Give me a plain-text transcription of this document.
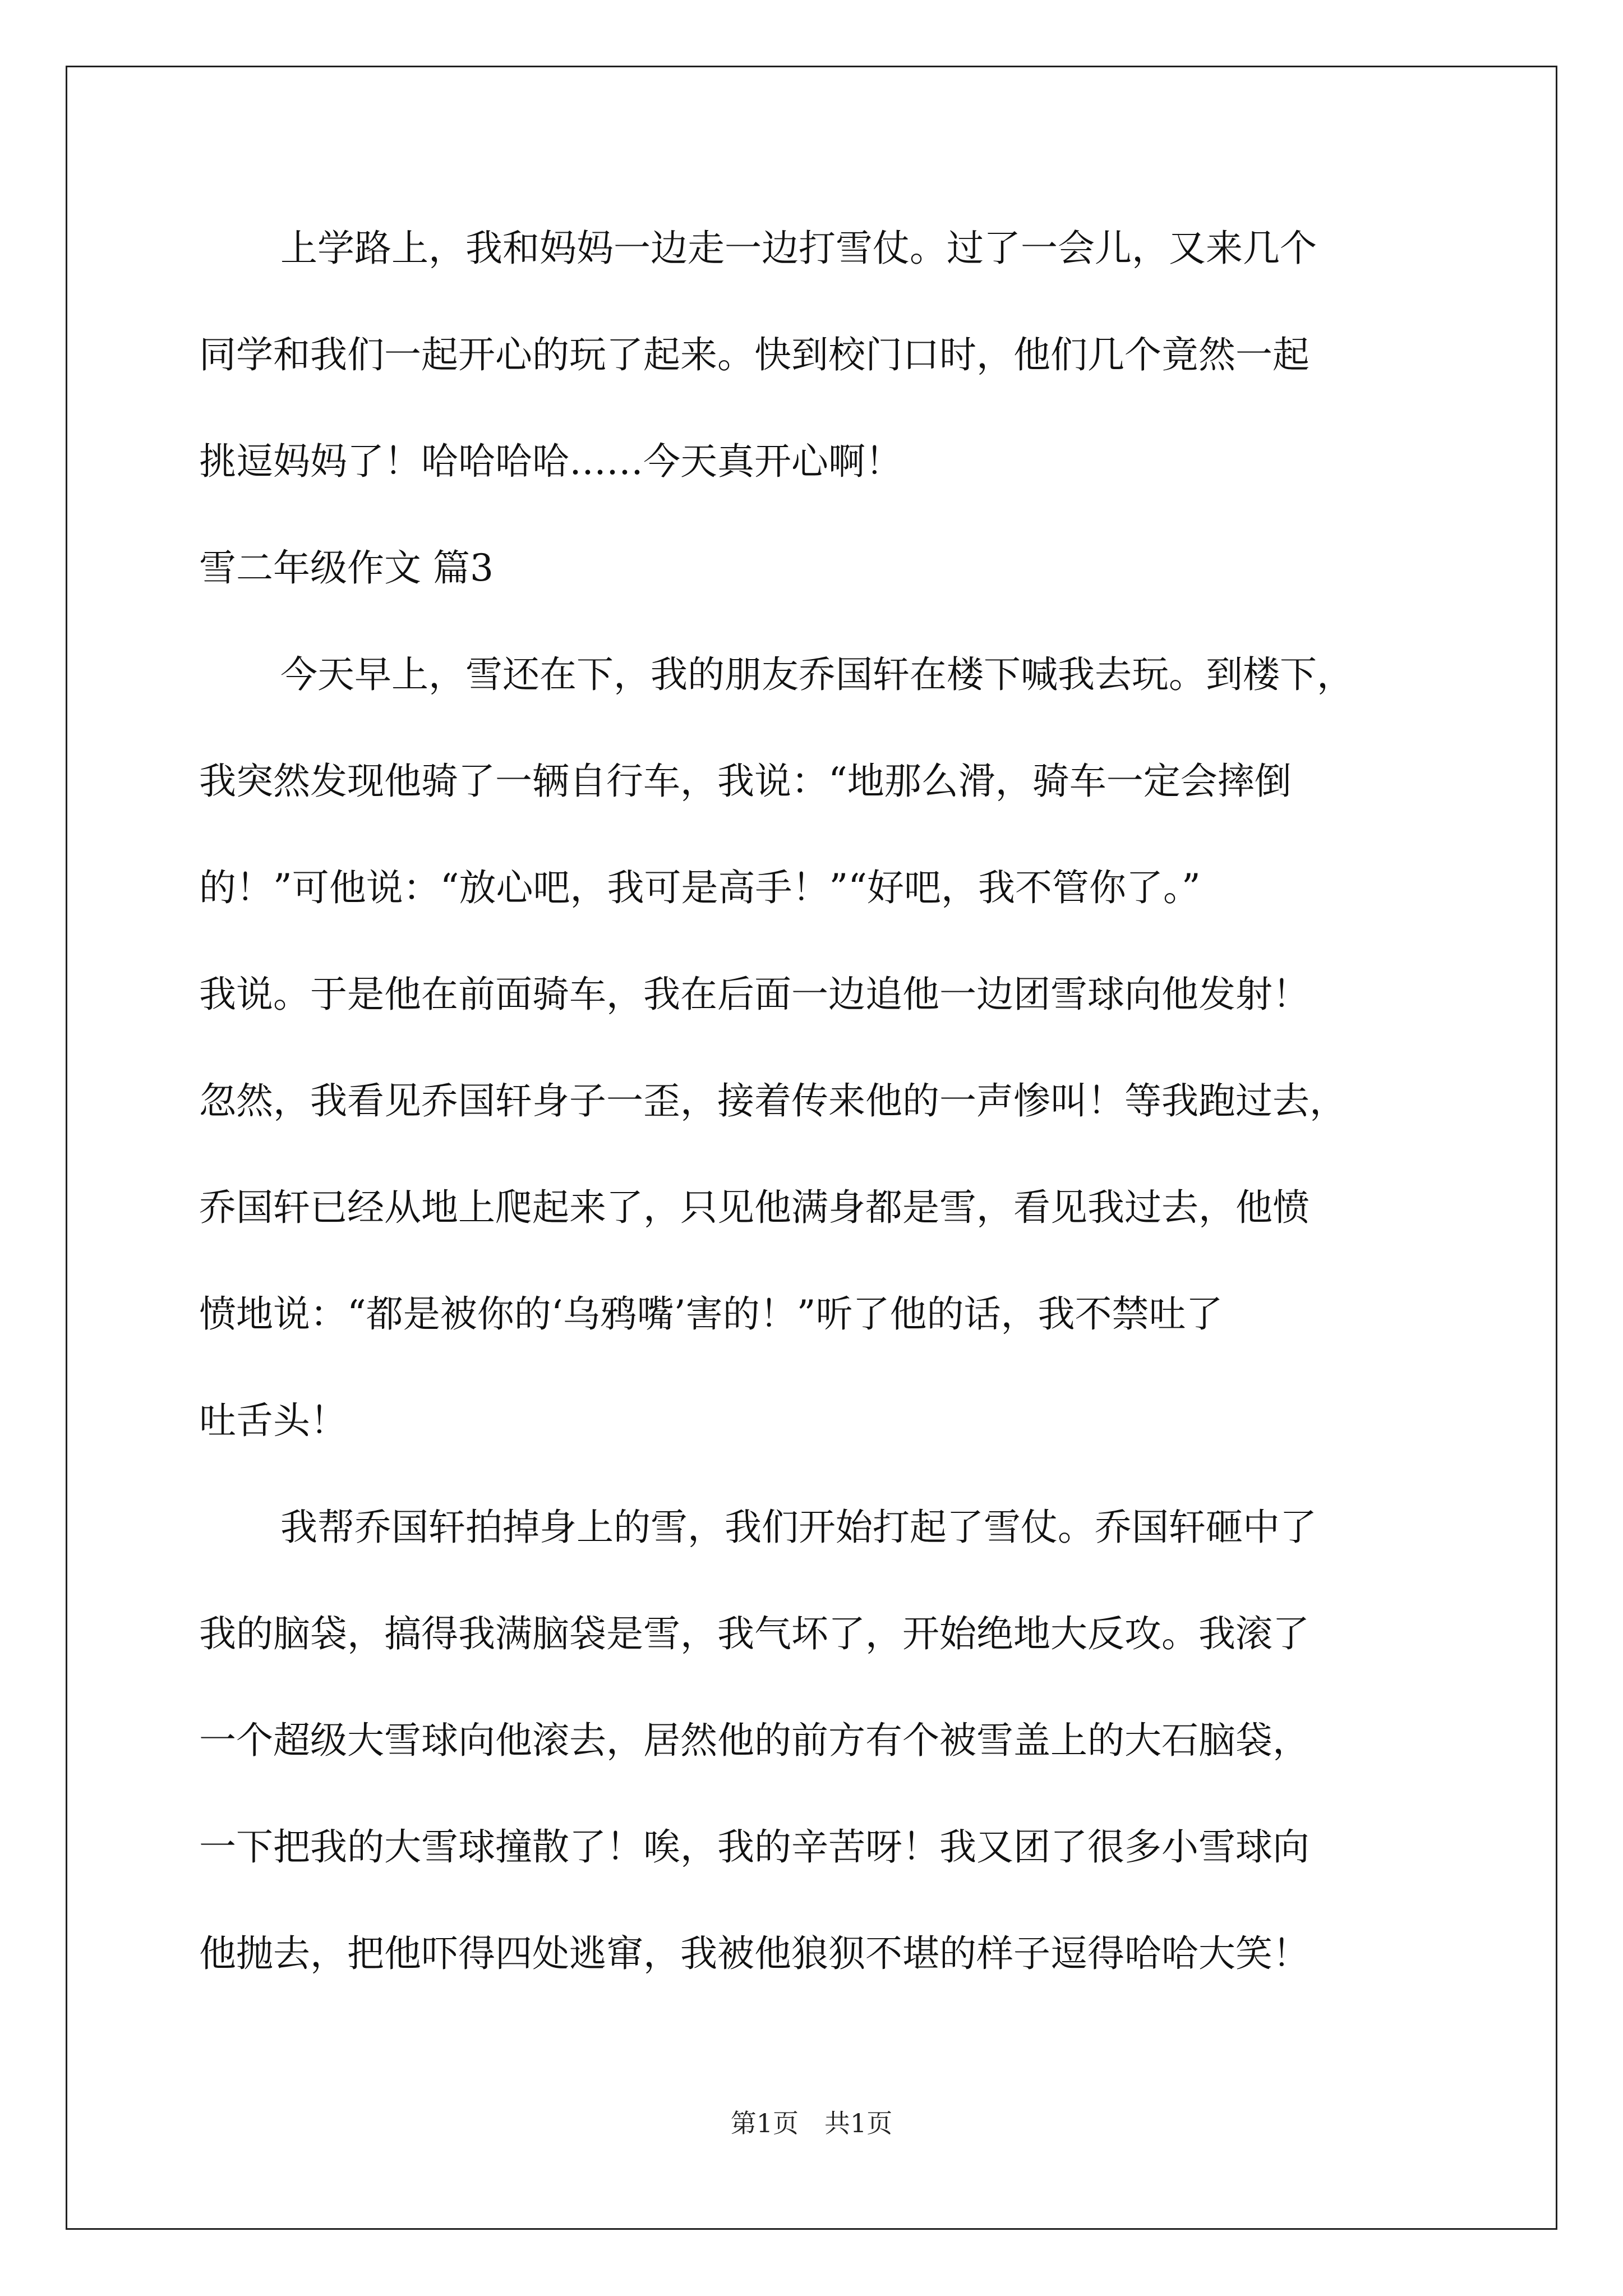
上学路上，我和妈妈一边走一边打雪仗。过了一会儿，又来几个
同学和我们一起开心的玩了起来。快到校门口时，他们几个竟然一起
挑逗妈妈了！哈哈哈哈……今天真开心啊！
雪二年级作文 篇3
今天早上，雪还在下，我的朋友乔国轩在楼下喊我去玩。到楼下，
我突然发现他骑了一辆自行车，我说：“地那么滑，骑车一定会摔倒
的！”可他说：“放心吧，我可是高手！”“好吧，我不管你了。”
我说。于是他在前面骑车，我在后面一边追他一边团雪球向他发射！
忽然，我看见乔国轩身子一歪，接着传来他的一声惨叫！等我跑过去，
乔国轩已经从地上爬起来了，只见他满身都是雪，看见我过去，他愤
愤地说：“都是被你的‘乌鸦嘴’害的！”听了他的话，我不禁吐了
吐舌头！
我帮乔国轩拍掉身上的雪，我们开始打起了雪仗。乔国轩砸中了
我的脑袋，搞得我满脑袋是雪，我气坏了，开始绝地大反攻。我滚了
一个超级大雪球向他滚去，居然他的前方有个被雪盖上的大石脑袋，
一下把我的大雪球撞散了！唉，我的辛苦呀！我又团了很多小雪球向
他抛去，把他吓得四处逃窜，我被他狼狈不堪的样子逗得哈哈大笑！
第1页　共1页
